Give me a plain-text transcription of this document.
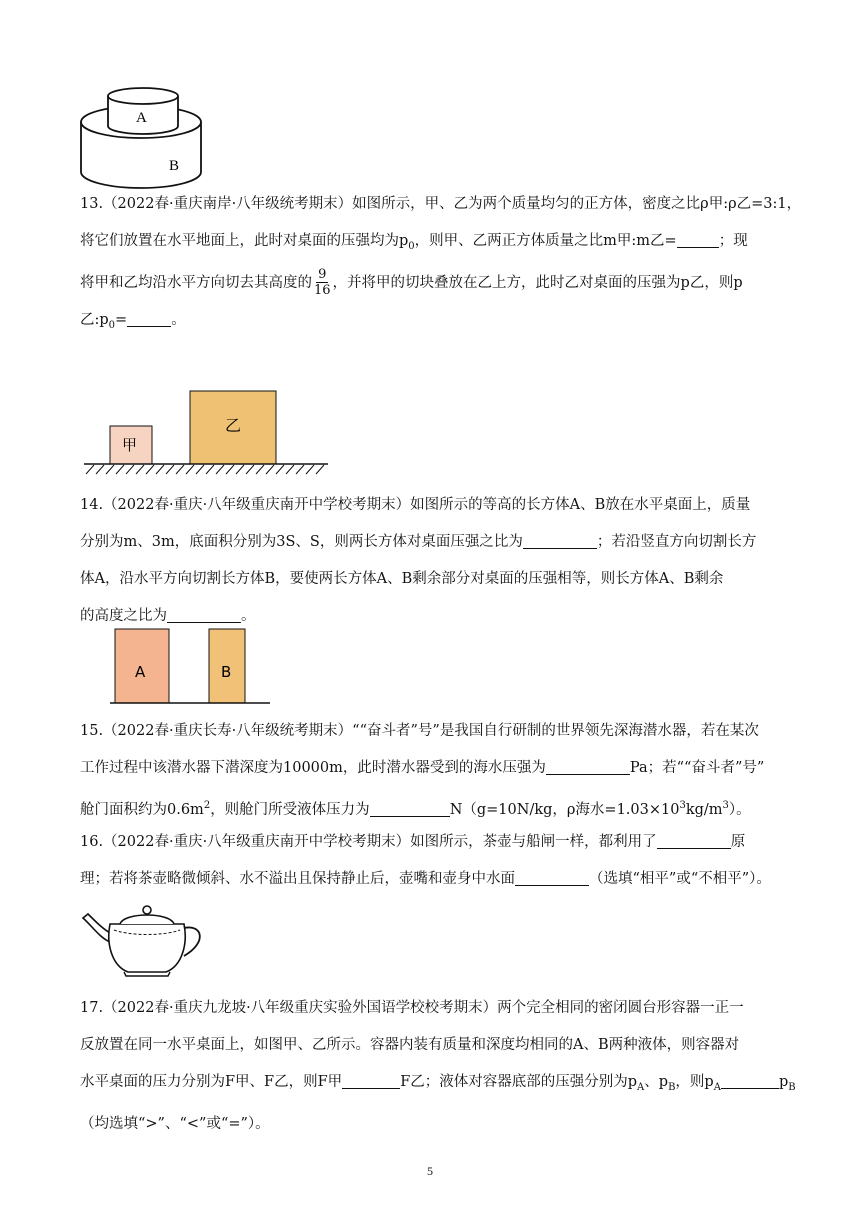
A
B
13.（2022春·重庆南岸·八年级统考期末）如图所示，甲、乙为两个质量均匀的正方体，密度之比ρ甲:ρ乙=3:1，
将它们放置在水平地面上，此时对桌面的压强均为$p_0$，则甲、乙两正方体质量之比m甲:m乙=	；现
将甲和乙均沿水平方向切去其高度的 $\frac{9}{16}$ ，并将甲的切块叠放在乙上方，此时乙对桌面的压强为p乙，则p
乙$:p_0=$	。
甲
乙
14.（2022春·重庆·八年级重庆南开中学校考期末）如图所示的等高的长方体A、B放在水平桌面上，质量
分别为m、3m，底面积分别为3S、S，则两长方体对桌面压强之比为	；若沿竖直方向切割长方
体A，沿水平方向切割长方体B，要使两长方体A、B剩余部分对桌面的压强相等，则长方体A、B剩余
的高度之比为	。
A	B
15.（2022春·重庆长寿·八年级统考期末）““奋斗者”号”是我国自行研制的世界领先深海潜水器，若在某次
工作过程中该潜水器下潜深度为10000m，此时潜水器受到的海水压强为	Pa；若““奋斗者”号”
舱门面积约为$0.6m^2$，则舱门所受液体压力为	N（g=10N/kg，ρ海水$=1.03\times 10^3kg/m^3$）。
16.（2022春·重庆·八年级重庆南开中学校考期末）如图所示，茶壶与船闸一样，都利用了	原
理；若将茶壶略微倾斜、水不溢出且保持静止后，壶嘴和壶身中水面	（选填“相平”或“不相平”）。
17.（2022春·重庆九龙坡·八年级重庆实验外国语学校校考期末）两个完全相同的密闭圆台形容器一正一
反放置在同一水平桌面上，如图甲、乙所示。容器内装有质量和深度均相同的A、B两种液体，则容器对
水平桌面的压力分别为F甲、F乙，则F甲	F乙；液体对容器底部的压强分别为$p_A$、$p_B$，则$p_A$	$p_B$
（均选填“>”、“<”或“=”）。
5
